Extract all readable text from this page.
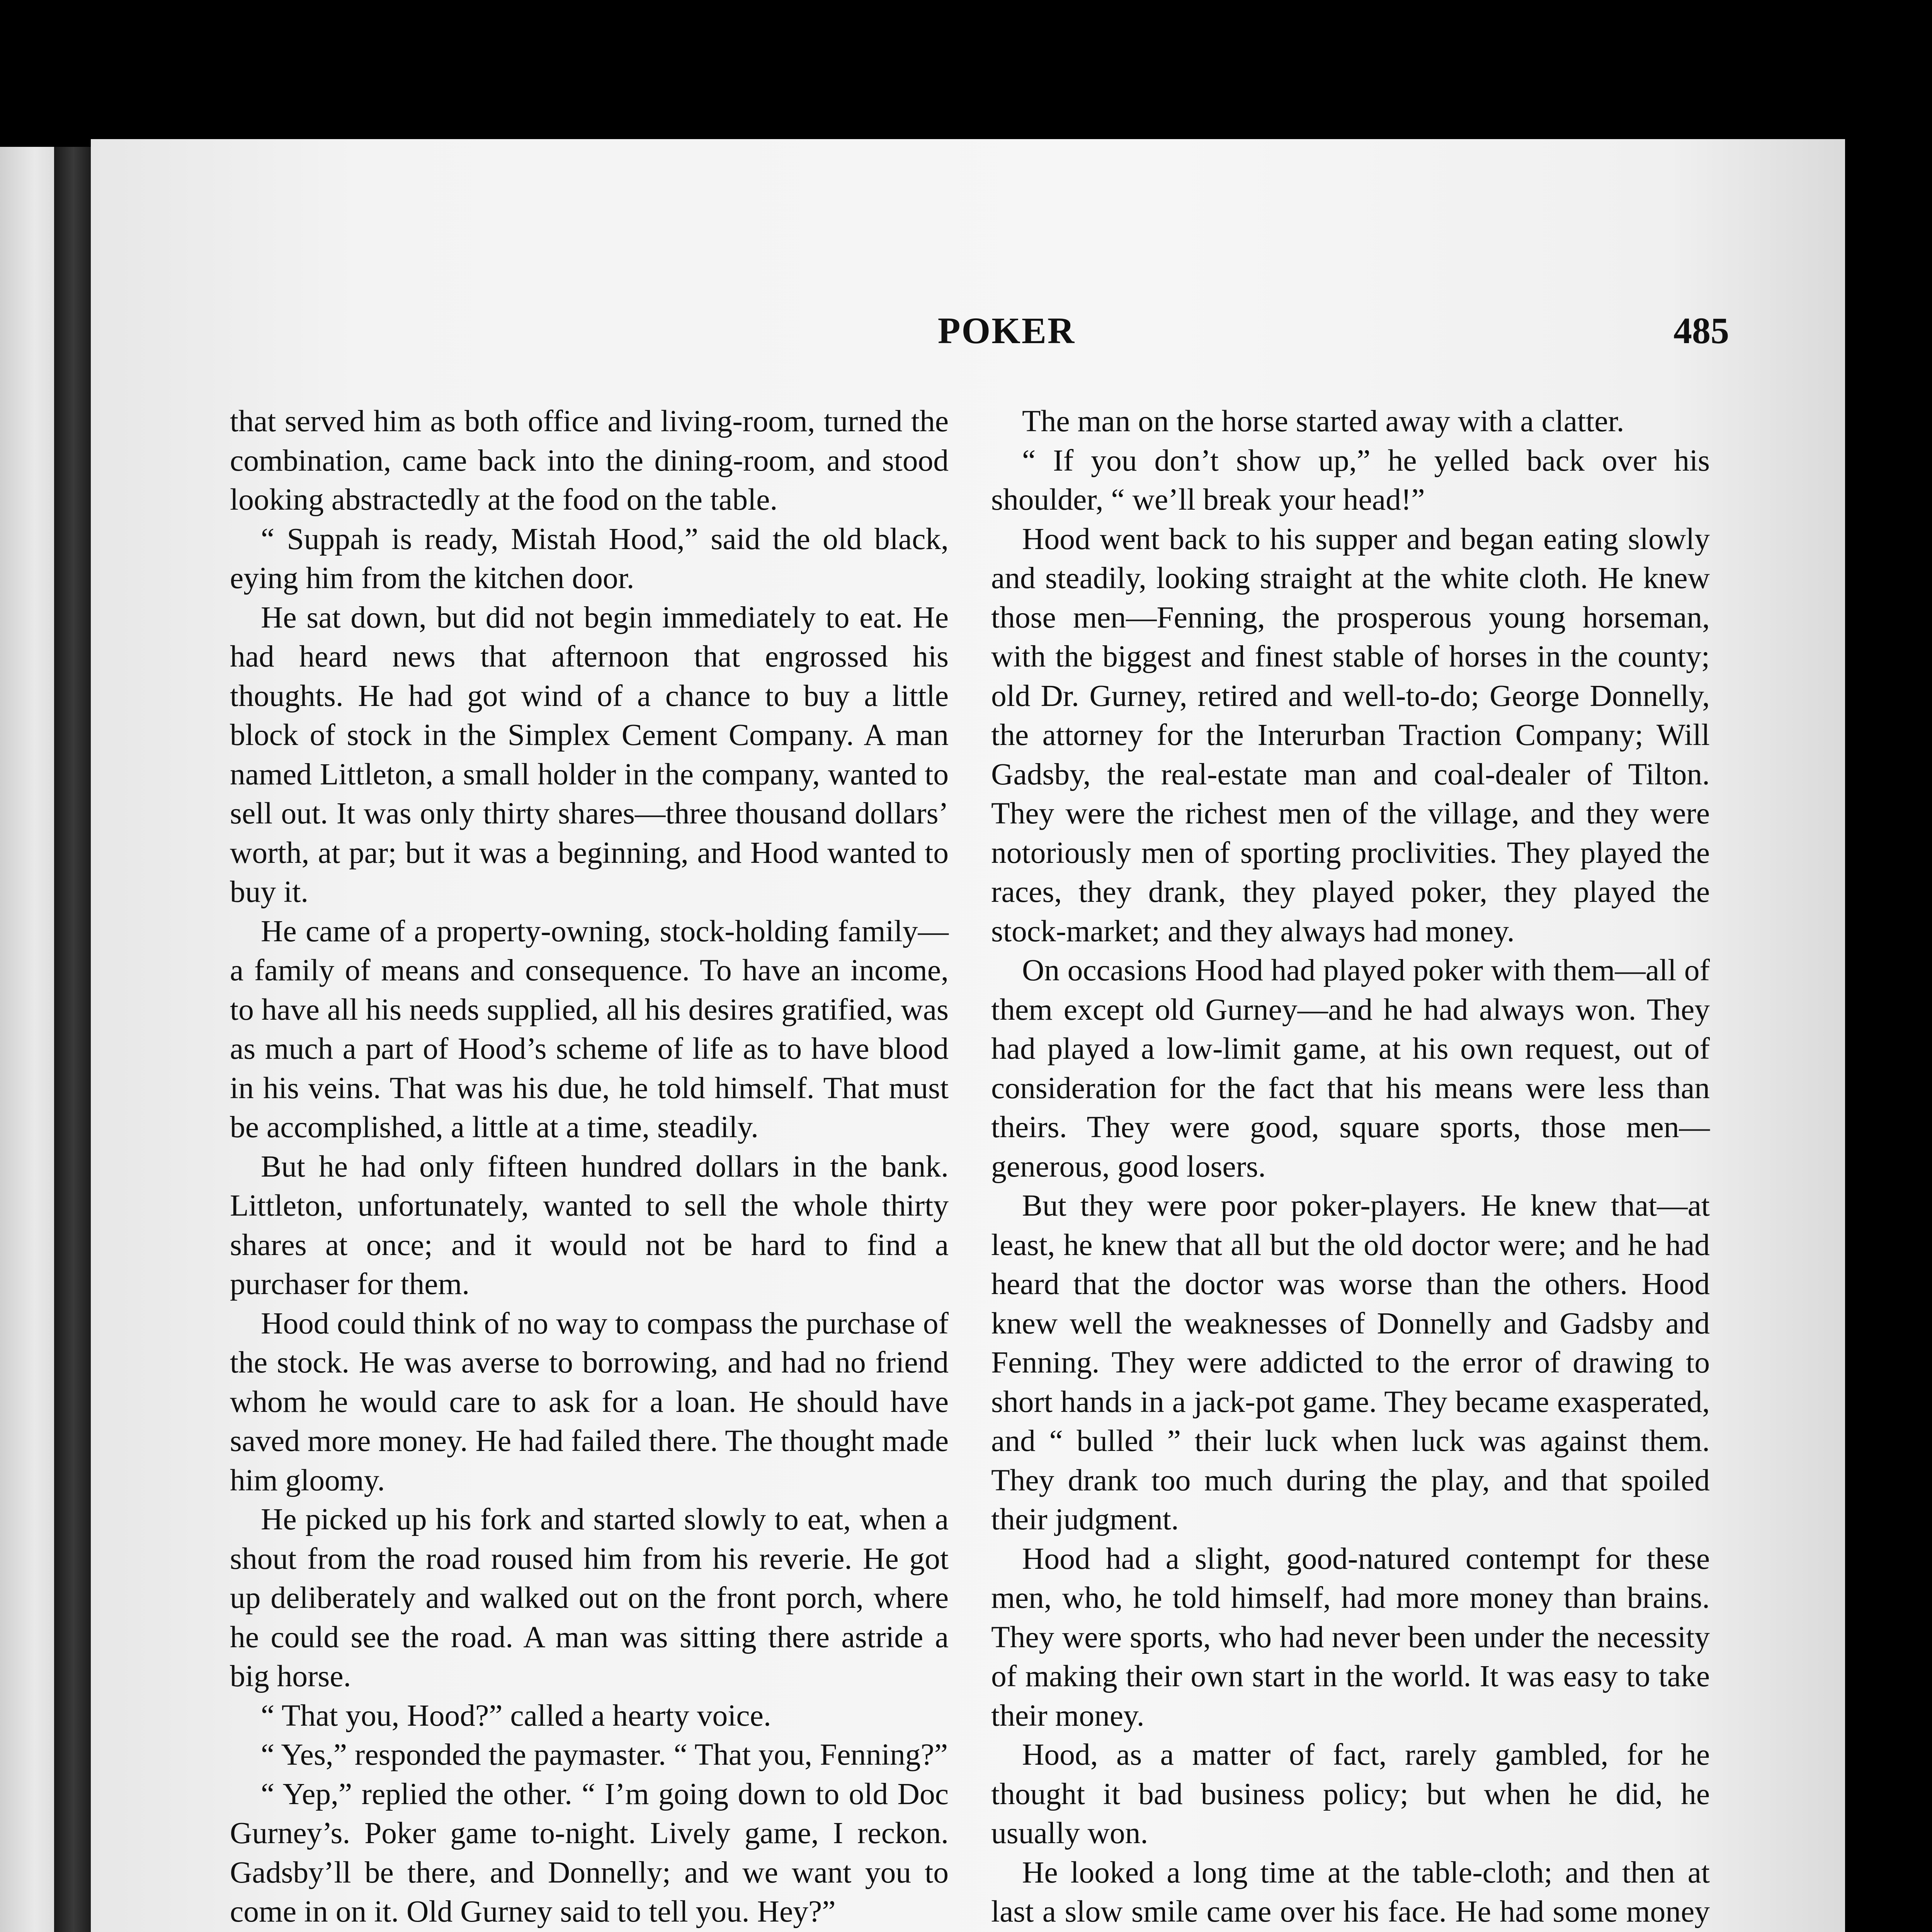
POKER	485

that served him as both office and living-room, turned the combination, came back into the dining-room, and stood looking abstractedly at the food on the table.

“ Suppah is ready, Mistah Hood,” said the old black, eying him from the kitchen door.

He sat down, but did not begin immediately to eat. He had heard news that afternoon that engrossed his thoughts. He had got wind of a chance to buy a little block of stock in the Simplex Cement Company. A man named Littleton, a small holder in the company, wanted to sell out. It was only thirty shares—three thousand dollars’ worth, at par; but it was a beginning, and Hood wanted to buy it.

He came of a property-owning, stock-holding family—a family of means and consequence. To have an income, to have all his needs supplied, all his desires gratified, was as much a part of Hood’s scheme of life as to have blood in his veins. That was his due, he told himself. That must be accomplished, a little at a time, steadily.

But he had only fifteen hundred dollars in the bank. Littleton, unfortunately, wanted to sell the whole thirty shares at once; and it would not be hard to find a purchaser for them.

Hood could think of no way to compass the purchase of the stock. He was averse to borrowing, and had no friend whom he would care to ask for a loan. He should have saved more money. He had failed there. The thought made him gloomy.

He picked up his fork and started slowly to eat, when a shout from the road roused him from his reverie. He got up deliberately and walked out on the front porch, where he could see the road. A man was sitting there astride a big horse.

“ That you, Hood?” called a hearty voice.

“ Yes,” responded the paymaster. “ That you, Fenning?”

“ Yep,” replied the other. “ I’m going down to old Doc Gurney’s. Poker game to-night. Lively game, I reckon. Gadsby’ll be there, and Donnelly; and we want you to come in on it. Old Gurney said to tell you. Hey?”

The man on the horse started away with a clatter.

“ If you don’t show up,” he yelled back over his shoulder, “ we’ll break your head!”

Hood went back to his supper and began eating slowly and steadily, looking straight at the white cloth. He knew those men—Fenning, the prosperous young horseman, with the biggest and finest stable of horses in the county; old Dr. Gurney, retired and well-to-do; George Donnelly, the attorney for the Interurban Traction Company; Will Gadsby, the real-estate man and coal-dealer of Tilton. They were the richest men of the village, and they were notoriously men of sporting proclivities. They played the races, they drank, they played poker, they played the stock-market; and they always had money.

On occasions Hood had played poker with them—all of them except old Gurney—and he had always won. They had played a low-limit game, at his own request, out of consideration for the fact that his means were less than theirs. They were good, square sports, those men—generous, good losers.

But they were poor poker-players. He knew that—at least, he knew that all but the old doctor were; and he had heard that the doctor was worse than the others. Hood knew well the weaknesses of Donnelly and Gadsby and Fenning. They were addicted to the error of drawing to short hands in a jack-pot game. They became exasperated, and “ bulled ” their luck when luck was against them. They drank too much during the play, and that spoiled their judgment.

Hood had a slight, good-natured contempt for these men, who, he told himself, had more money than brains. They were sports, who had never been under the necessity of making their own start in the world. It was easy to take their money.

Hood, as a matter of fact, rarely gambled, for he thought it bad business policy; but when he did, he usually won.

He looked a long time at the table-cloth; and then at last a slow smile came over his face. He had some money
